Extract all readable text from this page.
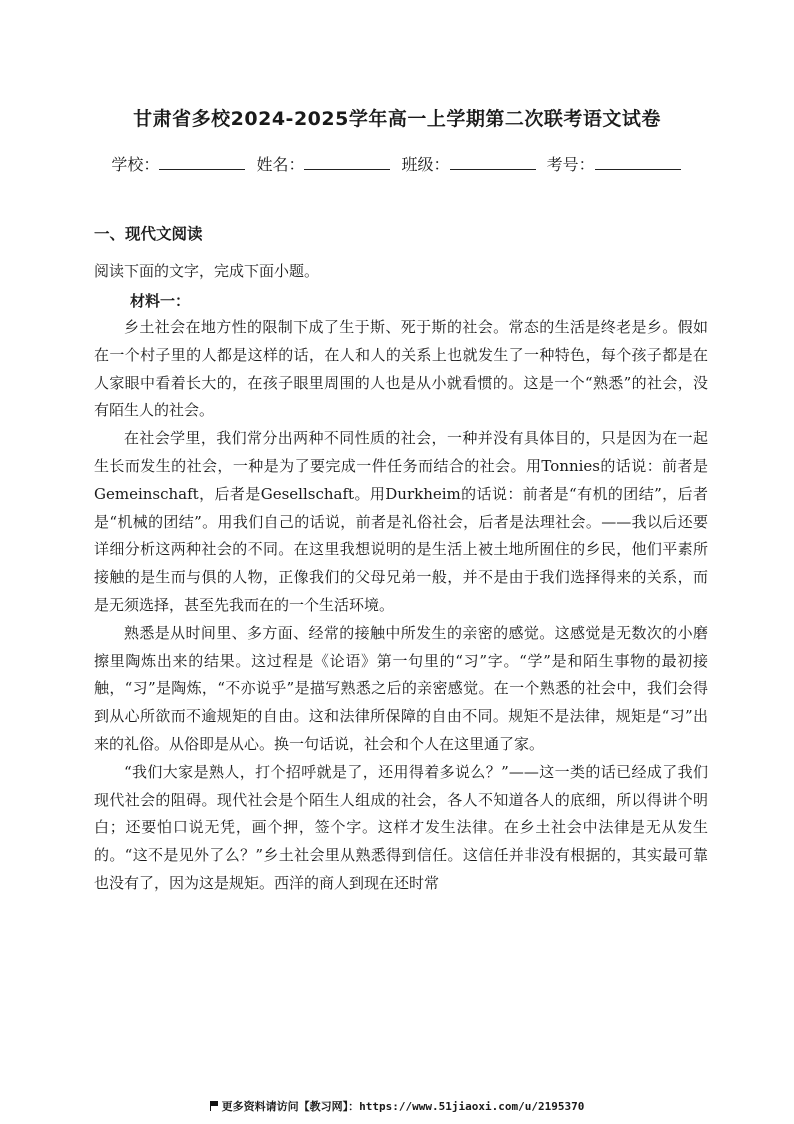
甘肃省多校2024-2025学年高一上学期第二次联考语文试卷
学校：	姓名：	班级：	考号：
一、现代文阅读
阅读下面的文字，完成下面小题。
材料一：

乡土社会在地方性的限制下成了生于斯、死于斯的社会。常态的生活是终老是乡。假如在一个村子里的人都是这样的话，在人和人的关系上也就发生了一种特色，每个孩子都是在人家眼中看着长大的，在孩子眼里周围的人也是从小就看惯的。这是一个“熟悉”的社会，没有陌生人的社会。

在社会学里，我们常分出两种不同性质的社会，一种并没有具体目的，只是因为在一起生长而发生的社会，一种是为了要完成一件任务而结合的社会。用Tonnies的话说：前者是Gemeinschaft，后者是Gesellschaft。用Durkheim的话说：前者是“有机的团结”，后者是“机械的团结”。用我们自己的话说，前者是礼俗社会，后者是法理社会。——我以后还要详细分析这两种社会的不同。在这里我想说明的是生活上被土地所囿住的乡民，他们平素所接触的是生而与俱的人物，正像我们的父母兄弟一般，并不是由于我们选择得来的关系，而是无须选择，甚至先我而在的一个生活环境。

熟悉是从时间里、多方面、经常的接触中所发生的亲密的感觉。这感觉是无数次的小磨擦里陶炼出来的结果。这过程是《论语》第一句里的“习”字。“学”是和陌生事物的最初接触，“习”是陶炼，“不亦说乎”是描写熟悉之后的亲密感觉。在一个熟悉的社会中，我们会得到从心所欲而不逾规矩的自由。这和法律所保障的自由不同。规矩不是法律，规矩是“习”出来的礼俗。从俗即是从心。换一句话说，社会和个人在这里通了家。

“我们大家是熟人，打个招呼就是了，还用得着多说么？”——这一类的话已经成了我们现代社会的阻碍。现代社会是个陌生人组成的社会，各人不知道各人的底细，所以得讲个明白；还要怕口说无凭，画个押，签个字。这样才发生法律。在乡土社会中法律是无从发生的。“这不是见外了么？”乡土社会里从熟悉得到信任。这信任并非没有根据的，其实最可靠也没有了，因为这是规矩。西洋的商人到现在还时常

更多资料请访问【教习网】：https://www.51jiaoxi.com/u/2195370
